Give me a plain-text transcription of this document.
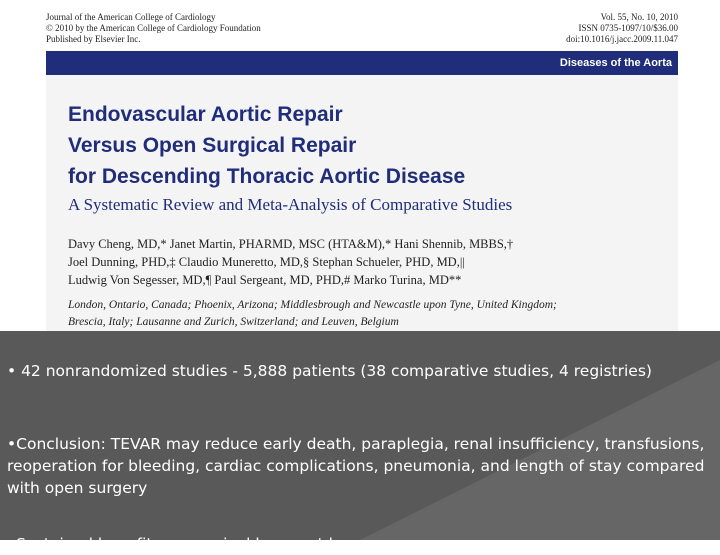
Journal of the American College of Cardiology
© 2010 by the American College of Cardiology Foundation
Published by Elsevier Inc.
Vol. 55, No. 10, 2010
ISSN 0735-1097/10/$36.00
doi:10.1016/j.jacc.2009.11.047
Diseases of the Aorta
Endovascular Aortic Repair
Versus Open Surgical Repair
for Descending Thoracic Aortic Disease
A Systematic Review and Meta-Analysis of Comparative Studies
Davy Cheng, MD,* Janet Martin, PHARMD, MSC (HTA&M),* Hani Shennib, MBBS,†
Joel Dunning, PHD,‡ Claudio Muneretto, MD,§ Stephan Schueler, PHD, MD,||
Ludwig Von Segesser, MD,¶ Paul Sergeant, MD, PHD,# Marko Turina, MD**
London, Ontario, Canada; Phoenix, Arizona; Middlesbrough and Newcastle upon Tyne, United Kingdom;
Brescia, Italy; Lausanne and Zurich, Switzerland; and Leuven, Belgium

• 42 nonrandomized studies - 5,888 patients (38 comparative studies, 4 registries)

•Conclusion: TEVAR may reduce early death, paraplegia, renal insufficiency, transfusions, reoperation for bleeding, cardiac complications, pneumonia, and length of stay compared with open surgery

•Sustained benefits on survival have not been proven
